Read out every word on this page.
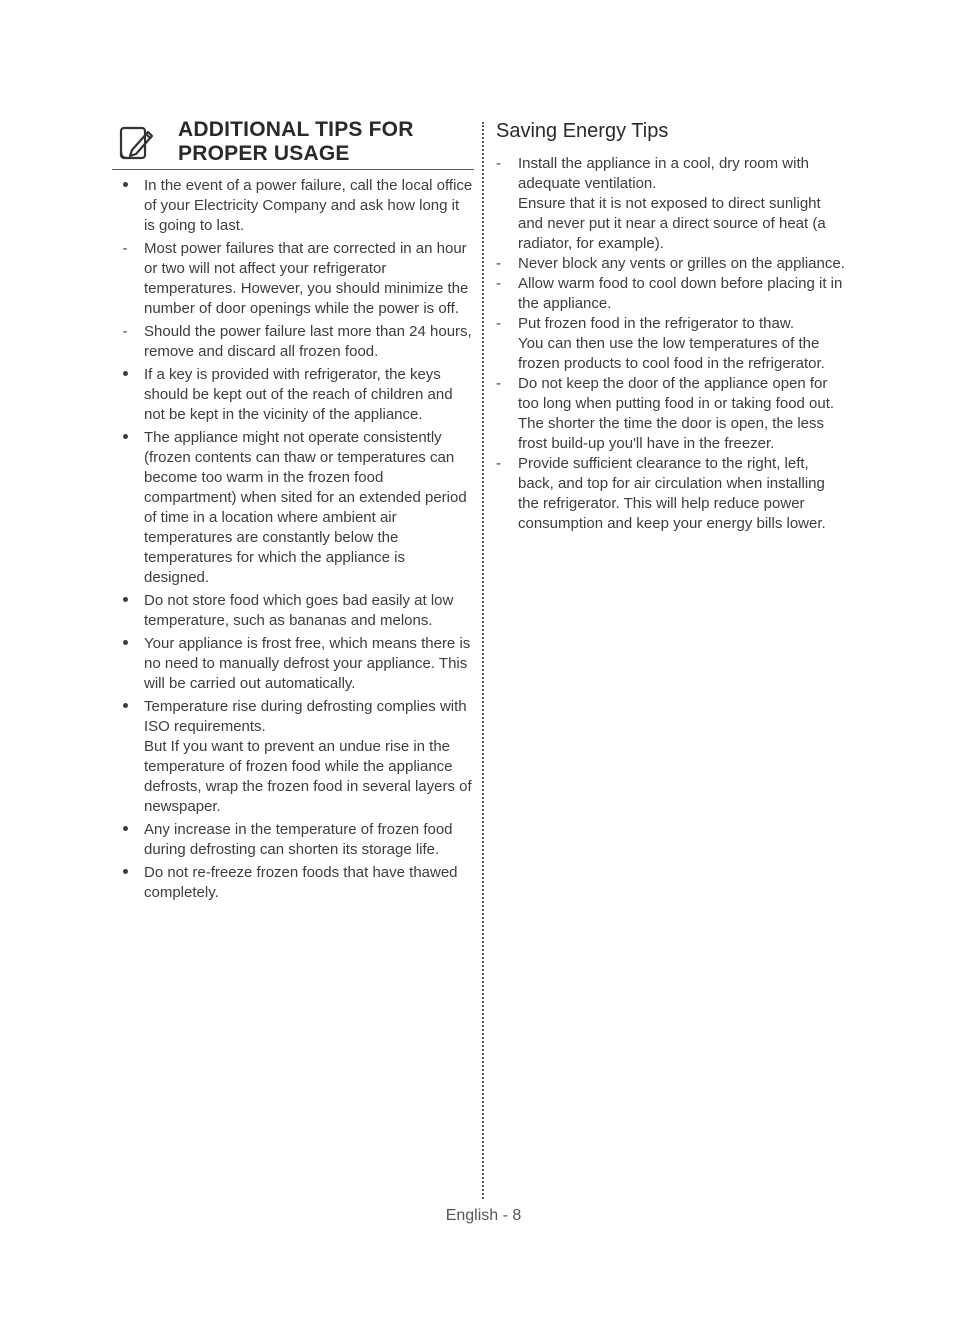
ADDITIONAL TIPS FOR
PROPER USAGE

In the event of a power failure, call the local office of your Electricity Company and ask how long it is going to last.

-

Most power failures that are corrected in an hour or two will not affect your refrigerator temperatures. However, you should minimize the number of door openings while the power is off.

-

Should the power failure last more than 24 hours, remove and discard all frozen food.

If a key is provided with refrigerator, the keys should be kept out of the reach of children and not be kept in the vicinity of the appliance.

The appliance might not operate consistently (frozen contents can thaw or temperatures can become too warm in the frozen food compartment) when sited for an extended period of time in a location where ambient air temperatures are constantly below the temperatures for which the appliance is designed.

Do not store food which goes bad easily at low temperature, such as bananas and melons.

Your appliance is frost free, which means there is no need to manually defrost your appliance. This will be carried out automatically.

Temperature rise during defrosting complies with ISO requirements.

But If you want to prevent an undue rise in the temperature of frozen food while the appliance defrosts, wrap the frozen food in several layers of newspaper.

Any increase in the temperature of frozen food during defrosting can shorten its storage life.

Do not re-freeze frozen foods that have thawed completely.

Saving Energy Tips
-

Install the appliance in a cool, dry room with adequate ventilation.

Ensure that it is not exposed to direct sunlight and never put it near a direct source of heat (a radiator, for example).

-

Never block any vents or grilles on the appliance.

-

Allow warm food to cool down before placing it in the appliance.

-

Put frozen food in the refrigerator to thaw.

You can then use the low temperatures of the frozen products to cool food in the refrigerator.

-

Do not keep the door of the appliance open for too long when putting food in or taking food out.

The shorter the time the door is open, the less frost build-up you'll have in the freezer.

-

Provide sufficient clearance to the right, left, back, and top for air circulation when installing the refrigerator. This will help reduce power consumption and keep your energy bills lower.

English - 8
